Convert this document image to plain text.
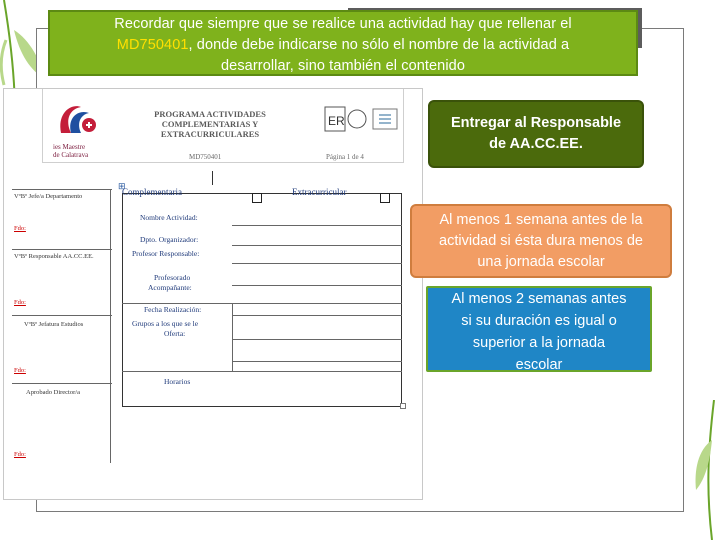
Recordar que siempre que se realice una actividad hay que rellenar el
MD750401, donde debe indicarse no sólo el nombre de la actividad a
desarrollar, sino también el contenido
ies Maestre
de Calatrava
PROGRAMA ACTIVIDADES
COMPLEMENTARIAS Y EXTRACURRICULARES
MD750401
ER
Página 1 de 4
VºBº Jefe/a Departamento
Fdo:
VºBº Responsable AA.CC.EE.
Fdo:
VºBº Jefatura Estudios
Fdo:
Aprobado Director/a
Fdo:
Complementaria	Extracurricular
⊞
Nombre Actividad:
Dpto. Organizador:
Profesor Responsable:
Profesorado
Acompañante:
Fecha Realización:
Grupos a los que se le
Oferta:
Horarios
Entregar al Responsable
de AA.CC.EE.
Al menos 1 semana antes de la
actividad si ésta dura menos de
una jornada escolar
Al menos 2 semanas antes
si su duración es igual o
superior a la jornada
escolar
